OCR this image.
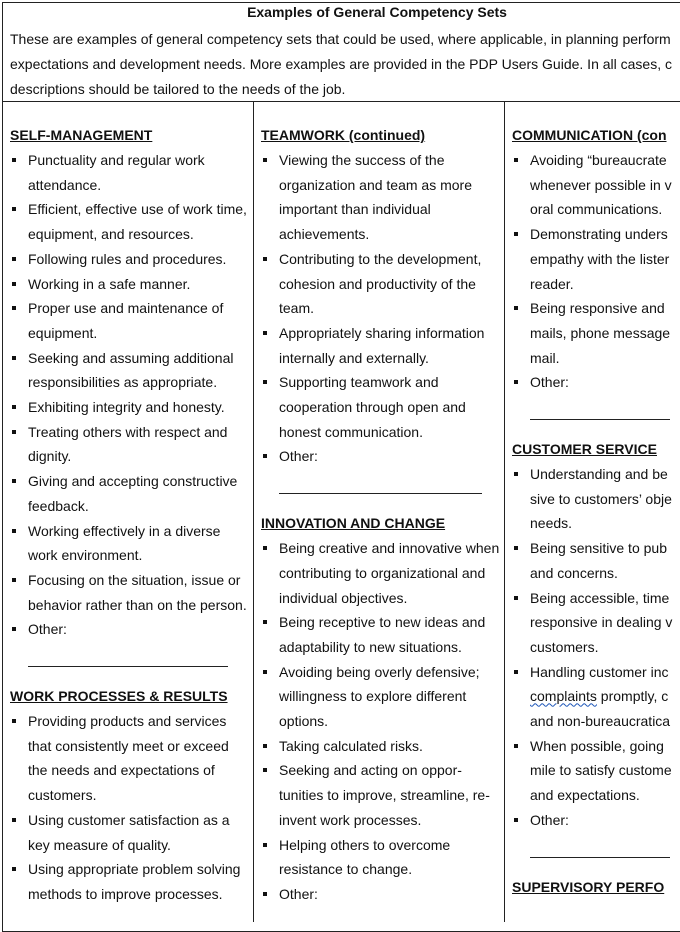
Examples of General Competency Sets
These are examples of general competency sets that could be used, where applicable, in planning perform
expectations and development needs. More examples are provided in the PDP Users Guide. In all cases, c
descriptions should be tailored to the needs of the job.

SELF-MANAGEMENT

Punctuality and regular work attendance.
Efficient, effective use of work time, equipment, and resources.
Following rules and procedures.
Working in a safe manner.
Proper use and maintenance of equipment.
Seeking and assuming additional responsibilities as appropriate.
Exhibiting integrity and honesty.
Treating others with respect and dignity.
Giving and accepting constructive feedback.
Working effectively in a diverse work environment.
Focusing on the situation, issue or behavior rather than on the person.
Other:

WORK PROCESSES & RESULTS

Providing products and services that consistently meet or exceed the needs and expectations of customers.
Using customer satisfaction as a key measure of quality.
Using appropriate problem solving methods to improve processes.

TEAMWORK (continued)

Viewing the success of the organization and team as more important than individual achievements.
Contributing to the development, cohesion and productivity of the team.
Appropriately sharing information internally and externally.
Supporting teamwork and cooperation through open and honest communication.
Other:

INNOVATION AND CHANGE

Being creative and innovative when contributing to organizational and individual objectives.
Being receptive to new ideas and adaptability to new situations.
Avoiding being overly defensive; willingness to explore different options.
Taking calculated risks.
Seeking and acting on oppor-tunities to improve, streamline, re-invent work processes.
Helping others to overcome resistance to change.
Other:

COMMUNICATION (con

Avoiding “bureaucrate
whenever possible in v
oral communications.
Demonstrating unders
empathy with the lister
reader.
Being responsive and
mails, phone message
mail.
Other:

CUSTOMER SERVICE

Understanding and be
sive to customers’ obje
needs.
Being sensitive to pub
and concerns.
Being accessible, time
responsive in dealing v
customers.
Handling customer inc
complaints promptly, c
and non-bureaucratica
When possible, going
mile to satisfy custome
and expectations.
Other:

SUPERVISORY PERFO
